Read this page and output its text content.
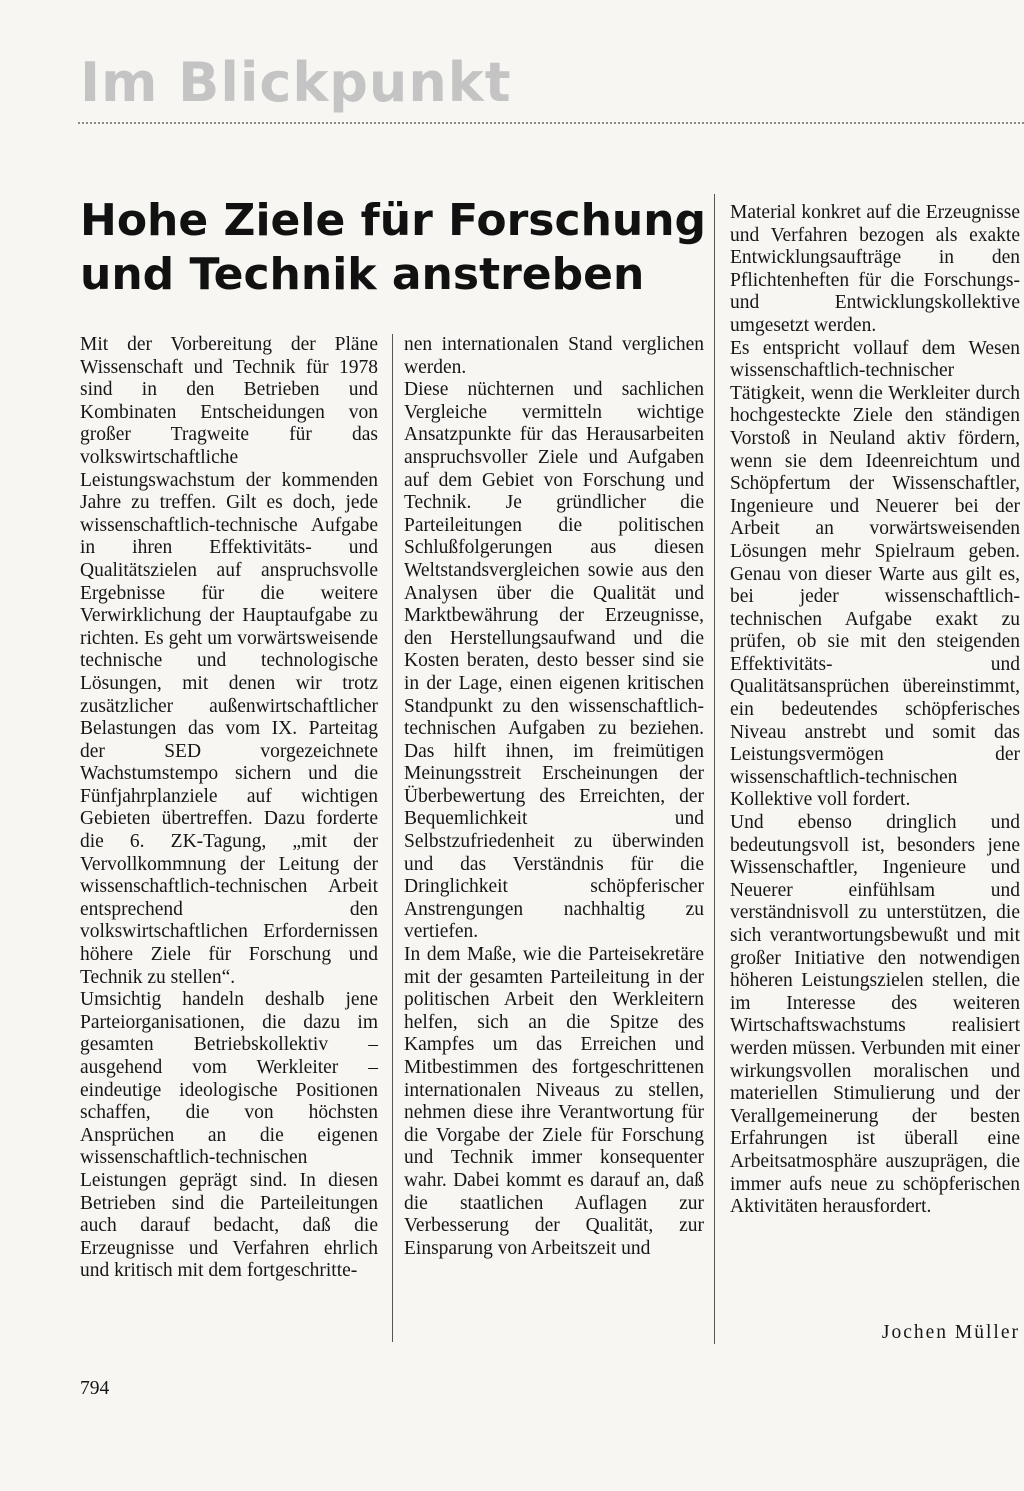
Im Blickpunkt
Hohe Ziele für Forschung und Technik anstreben

Mit der Vorbereitung der Pläne Wissenschaft und Technik für 1978 sind in den Betrieben und Kombinaten Entscheidungen von großer Tragweite für das volkswirtschaftliche Leistungswachstum der kommenden Jahre zu treffen. Gilt es doch, jede wissenschaftlich-technische Aufgabe in ihren Effektivitäts- und Qualitätszielen auf anspruchsvolle Ergebnisse für die weitere Verwirklichung der Hauptaufgabe zu richten. Es geht um vorwärtsweisende technische und technologische Lösungen, mit denen wir trotz zusätzlicher außenwirtschaftlicher Belastungen das vom IX. Parteitag der SED vorgezeichnete Wachstumstempo sichern und die Fünfjahrplanziele auf wichtigen Gebieten übertreffen. Dazu forderte die 6. ZK-Tagung, „mit der Vervollkommnung der Leitung der wissenschaftlich-technischen Arbeit entsprechend den volkswirtschaftlichen Erfordernissen höhere Ziele für Forschung und Technik zu stellen“.

Umsichtig handeln deshalb jene Parteiorganisationen, die dazu im gesamten Betriebskollektiv – ausgehend vom Werkleiter – eindeutige ideologische Positionen schaffen, die von höchsten Ansprüchen an die eigenen wissenschaftlich-technischen Leistungen geprägt sind. In diesen Betrieben sind die Parteileitungen auch darauf bedacht, daß die Erzeugnisse und Verfahren ehrlich und kritisch mit dem fortgeschritte-

nen internationalen Stand verglichen werden.

Diese nüchternen und sachlichen Vergleiche vermitteln wichtige Ansatzpunkte für das Herausarbeiten anspruchsvoller Ziele und Aufgaben auf dem Gebiet von Forschung und Technik. Je gründlicher die Parteileitungen die politischen Schlußfolgerungen aus diesen Weltstandsvergleichen sowie aus den Analysen über die Qualität und Marktbewährung der Erzeugnisse, den Herstellungsaufwand und die Kosten beraten, desto besser sind sie in der Lage, einen eigenen kritischen Standpunkt zu den wissenschaftlich-technischen Aufgaben zu beziehen. Das hilft ihnen, im freimütigen Meinungsstreit Erscheinungen der Überbewertung des Erreichten, der Bequemlichkeit und Selbstzufriedenheit zu überwinden und das Verständnis für die Dringlichkeit schöpferischer Anstrengungen nachhaltig zu vertiefen.

In dem Maße, wie die Parteisekretäre mit der gesamten Parteileitung in der politischen Arbeit den Werkleitern helfen, sich an die Spitze des Kampfes um das Erreichen und Mitbestimmen des fortgeschrittenen internationalen Niveaus zu stellen, nehmen diese ihre Verantwortung für die Vorgabe der Ziele für Forschung und Technik immer konsequenter wahr. Dabei kommt es darauf an, daß die staatlichen Auflagen zur Verbesserung der Qualität, zur Einsparung von Arbeitszeit und

Material konkret auf die Erzeugnisse und Verfahren bezogen als exakte Entwicklungsaufträge in den Pflichtenheften für die Forschungs- und Entwicklungskollektive umgesetzt werden.

Es entspricht vollauf dem Wesen wissenschaftlich-technischer Tätigkeit, wenn die Werkleiter durch hochgesteckte Ziele den ständigen Vorstoß in Neuland aktiv fördern, wenn sie dem Ideenreichtum und Schöpfertum der Wissenschaftler, Ingenieure und Neuerer bei der Arbeit an vorwärtsweisenden Lösungen mehr Spielraum geben. Genau von dieser Warte aus gilt es, bei jeder wissenschaftlich-technischen Aufgabe exakt zu prüfen, ob sie mit den steigenden Effektivitäts- und Qualitätsansprüchen übereinstimmt, ein bedeutendes schöpferisches Niveau anstrebt und somit das Leistungsvermögen der wissenschaftlich-technischen Kollektive voll fordert.

Und ebenso dringlich und bedeutungsvoll ist, besonders jene Wissenschaftler, Ingenieure und Neuerer einfühlsam und verständnisvoll zu unterstützen, die sich verantwortungsbewußt und mit großer Initiative den notwendigen höheren Leistungszielen stellen, die im Interesse des weiteren Wirtschaftswachstums realisiert werden müssen. Verbunden mit einer wirkungsvollen moralischen und materiellen Stimulierung und der Verallgemeinerung der besten Erfahrungen ist überall eine Arbeitsatmosphäre auszuprägen, die immer aufs neue zu schöpferischen Aktivitäten herausfordert.

Jochen Müller
794
